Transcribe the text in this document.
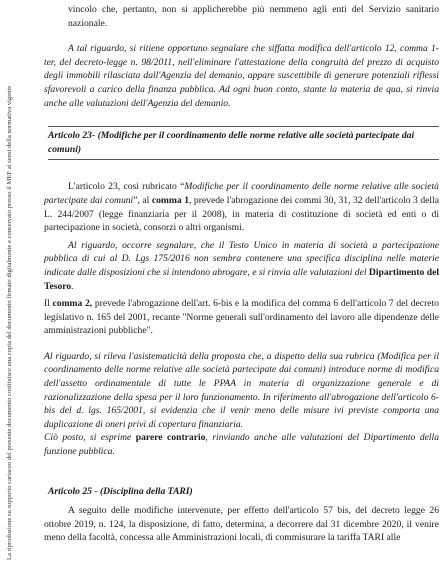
La riproduzione su supporto cartaceo del presente documento costituisce una copia del documento firmato digitalmente e conservato presso il MEF ai sensi della normativa vigente

vincolo che, pertanto, non si applicherebbe più nemmeno agli enti del Servizio sanitario nazionale.

A tal riguardo, si ritiene opportuno segnalare che siffatta modifica dell'articolo 12, comma 1-ter, del decreto-legge n. 98/2011, nell'eliminare l'attestazione della congruità del prezzo di acquisto degli immobili rilasciata dall'Agenzia del demanio, appare suscettibile di generare potenziali riflessi sfavorevoli a carico della finanza pubblica. Ad ogni buon conto, stante la materia de qua, si rinvia anche alle valutazioni dell'Agenzia del demanio.

Articolo 23- (Modifiche per il coordinamento delle norme relative alle società partecipate dai comuni)

L'articolo 23, così rubricato “Modifiche per il coordinamento delle norme relative alle società partecipate dai comuni”, al comma 1, prevede l'abrogazione dei commi 30, 31, 32 dell'articolo 3 della L. 244/2007 (legge finanziaria per il 2008), in materia di costituzione di società ed enti o di partecipazione in società, consorzi o altri organismi.

Al riguardo, occorre segnalare, che il Testo Unico in materia di società a partecipazione pubblica di cui al D. Lgs 175/2016 non sembra contenere una specifica disciplina nelle materie indicate dalle disposizioni che si intendono abrogare, e si rinvia alle valutazioni del Dipartimento del Tesoro.

Il comma 2, prevede l'abrogazione dell'art. 6-bis e la modifica del comma 6 dell'articolo 7 del decreto legislativo n. 165 del 2001, recante "Norme generali sull'ordinamento del lavoro alle dipendenze delle amministrazioni pubbliche".

Al riguardo, si rileva l'asistematicità della proposta che, a dispetto della sua rubrica (Modifica per il coordinamento delle norme relative alle società partecipate dai comuni) introduce norme di modifica dell'assetto ordinamentale di tutte le PPAA in materia di organizzazione generale e di razionalizzazione della spesa per il loro funzionamento. In riferimento all'abrogazione dell'articolo 6-bis del d. lgs. 165/2001, si evidenzia che il venir meno delle misure ivi previste comporta una duplicazione di oneri privi di copertura finanziaria.

Ciò posto, si esprime parere contrario, rinviando anche alle valutazioni del Dipartimento della funzione pubblica.

Articolo 25 - (Disciplina della TARI)

A seguito delle modifiche intervenute, per effetto dell'articolo 57 bis, del decreto legge 26 ottobre 2019, n. 124, la disposizione, di fatto, determina, a decorrere dal 31 dicembre 2020, il venire meno della facoltà, concessa alle Amministrazioni locali, di commisurare la tariffa TARI alle
